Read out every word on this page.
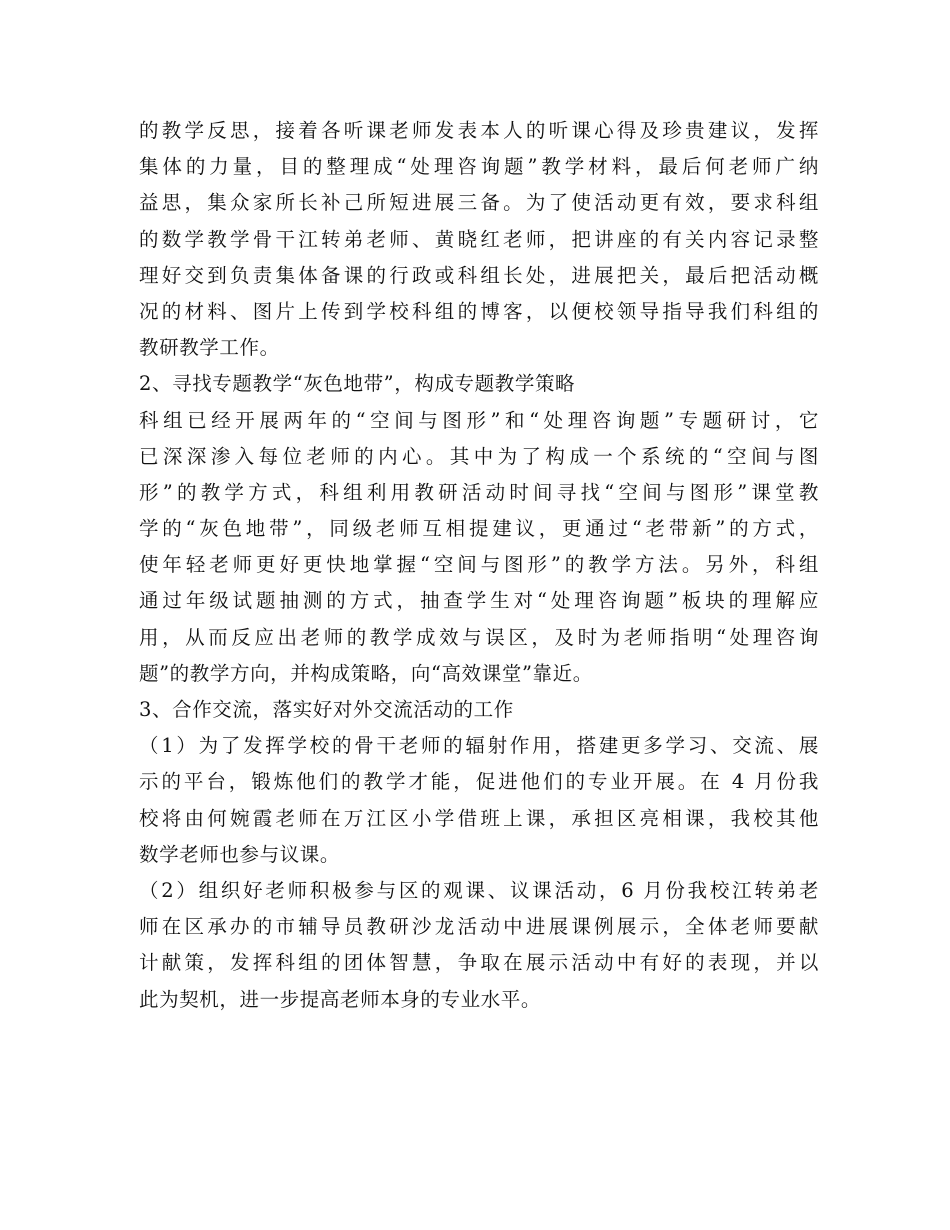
的教学反思，接着各听课老师发表本人的听课心得及珍贵建议，发挥
集体的力量，目的整理成“处理咨询题”教学材料，最后何老师广纳
益思，集众家所长补己所短进展三备。为了使活动更有效，要求科组
的数学教学骨干江转弟老师、黄晓红老师，把讲座的有关内容记录整
理好交到负责集体备课的行政或科组长处，进展把关，最后把活动概
况的材料、图片上传到学校科组的博客，以便校领导指导我们科组的
教研教学工作。
2、寻找专题教学“灰色地带”，构成专题教学策略
科组已经开展两年的“空间与图形”和“处理咨询题”专题研讨，它
已深深渗入每位老师的内心。其中为了构成一个系统的“空间与图
形”的教学方式，科组利用教研活动时间寻找“空间与图形”课堂教
学的“灰色地带”，同级老师互相提建议，更通过“老带新”的方式，
使年轻老师更好更快地掌握“空间与图形”的教学方法。另外，科组
通过年级试题抽测的方式，抽查学生对“处理咨询题”板块的理解应
用，从而反应出老师的教学成效与误区，及时为老师指明“处理咨询
题”的教学方向，并构成策略，向“高效课堂”靠近。
3、合作交流，落实好对外交流活动的工作
（1）为了发挥学校的骨干老师的辐射作用，搭建更多学习、交流、展
示的平台，锻炼他们的教学才能，促进他们的专业开展。在 4 月份我
校将由何婉霞老师在万江区小学借班上课，承担区亮相课，我校其他
数学老师也参与议课。
（2）组织好老师积极参与区的观课、议课活动，6 月份我校江转弟老
师在区承办的市辅导员教研沙龙活动中进展课例展示，全体老师要献
计献策，发挥科组的团体智慧，争取在展示活动中有好的表现，并以
此为契机，进一步提高老师本身的专业水平。
